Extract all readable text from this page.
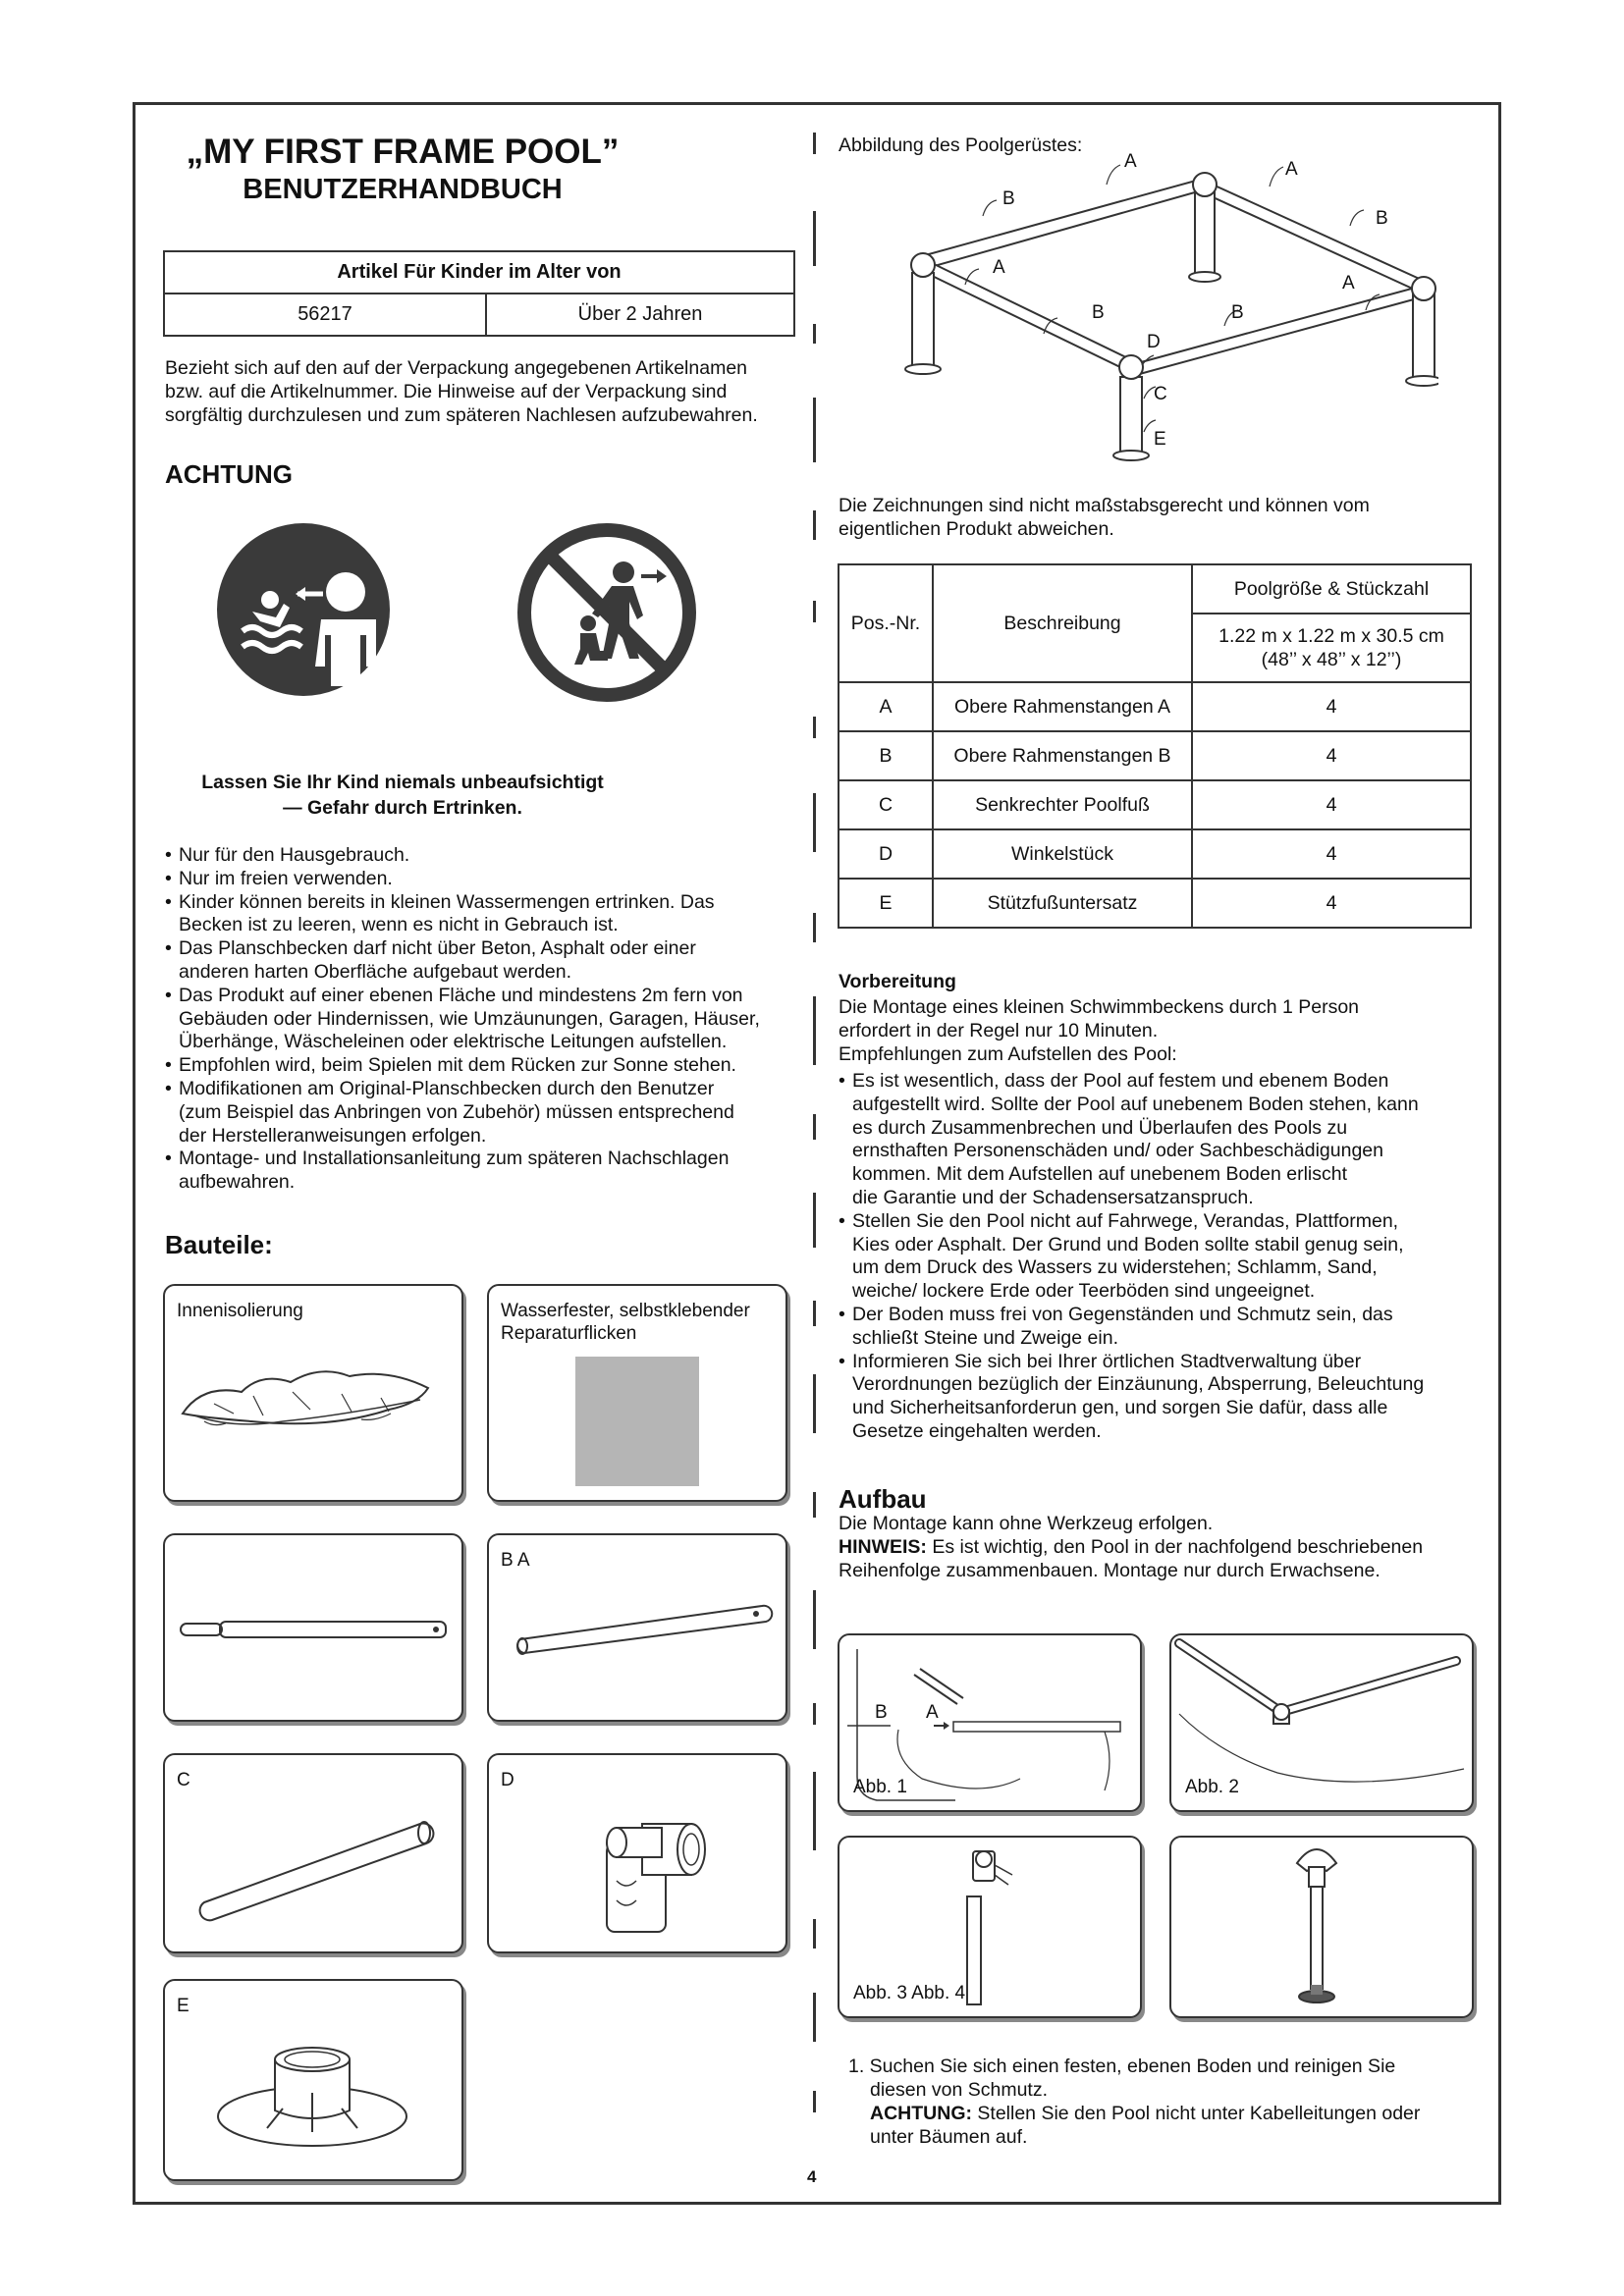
„MY FIRST FRAME POOL”
BENUTZERHANDBUCH
Artikel Für Kinder im Alter von
56217	Über 2 Jahren
Bezieht sich auf den auf der Verpackung angegebenen Artikelnamen
bzw. auf die Artikelnummer. Die Hinweise auf der Verpackung sind
sorgfältig durchzulesen und zum späteren Nachlesen aufzubewahren.
ACHTUNG
Lassen Sie Ihr Kind niemals unbeaufsichtigt
— Gefahr durch Ertrinken.
• Nur für den Hausgebrauch.
• Nur im freien verwenden.
• Kinder können bereits in kleinen Wassermengen ertrinken. Das
Becken ist zu leeren, wenn es nicht in Gebrauch ist.
• Das Planschbecken darf nicht über Beton, Asphalt oder einer
anderen harten Oberfläche aufgebaut werden.
• Das Produkt auf einer ebenen Fläche und mindestens 2m fern von
Gebäuden oder Hindernissen, wie Umzäunungen, Garagen, Häuser,
Überhänge, Wäscheleinen oder elektrische Leitungen aufstellen.
• Empfohlen wird, beim Spielen mit dem Rücken zur Sonne stehen.
• Modifikationen am Original-Planschbecken durch den Benutzer
(zum Beispiel das Anbringen von Zubehör) müssen entsprechend
der Herstelleranweisungen erfolgen.
• Montage- und Installationsanleitung zum späteren Nachschlagen
aufbewahren.
Bauteile:
Innenisolierung	Wasserfester, selbstklebender
Reparaturflicken
B A
C	D
E
Abbildung des Poolgerüstes:
A	A
B
B
A
A
B	B
D
C
E
Die Zeichnungen sind nicht maßstabsgerecht und können vom
eigentlichen Produkt abweichen.
Pos.-Nr.	Beschreibung	Poolgröße & Stückzahl
		1.22 m x 1.22 m x 30.5 cm
(48’’ x 48’’ x 12’’)
A	Obere Rahmenstangen A	4
B	Obere Rahmenstangen B	4
C	Senkrechter Poolfuß	4
D	Winkelstück	4
E	Stützfußuntersatz	4
Vorbereitung
Die Montage eines kleinen Schwimmbeckens durch 1 Person
erfordert in der Regel nur 10 Minuten.
Empfehlungen zum Aufstellen des Pool:
• Es ist wesentlich, dass der Pool auf festem und ebenem Boden
aufgestellt wird. Sollte der Pool auf unebenem Boden stehen, kann
es durch Zusammenbrechen und Überlaufen des Pools zu
ernsthaften Personenschäden und/ oder Sachbeschädigungen
kommen. Mit dem Aufstellen auf unebenem Boden erlischt
die Garantie und der Schadensersatzanspruch.
• Stellen Sie den Pool nicht auf Fahrwege, Verandas, Plattformen,
Kies oder Asphalt. Der Grund und Boden sollte stabil genug sein,
um dem Druck des Wassers zu widerstehen; Schlamm, Sand,
weiche/ lockere Erde oder Teerböden sind ungeeignet.
• Der Boden muss frei von Gegenständen und Schmutz sein, das
schließt Steine und Zweige ein.
• Informieren Sie sich bei Ihrer örtlichen Stadtverwaltung über
Verordnungen bezüglich der Einzäunung, Absperrung, Beleuchtung
und Sicherheitsanforderun gen, und sorgen Sie dafür, dass alle
Gesetze eingehalten werden.
Aufbau
Die Montage kann ohne Werkzeug erfolgen.
HINWEIS: Es ist wichtig, den Pool in der nachfolgend beschriebenen
Reihenfolge zusammenbauen. Montage nur durch Erwachsene.
B A
Abb. 1	Abb. 2
Abb. 3 Abb. 4
1. Suchen Sie sich einen festen, ebenen Boden und reinigen Sie
diesen von Schmutz.
ACHTUNG: Stellen Sie den Pool nicht unter Kabelleitungen oder
unter Bäumen auf.
4
